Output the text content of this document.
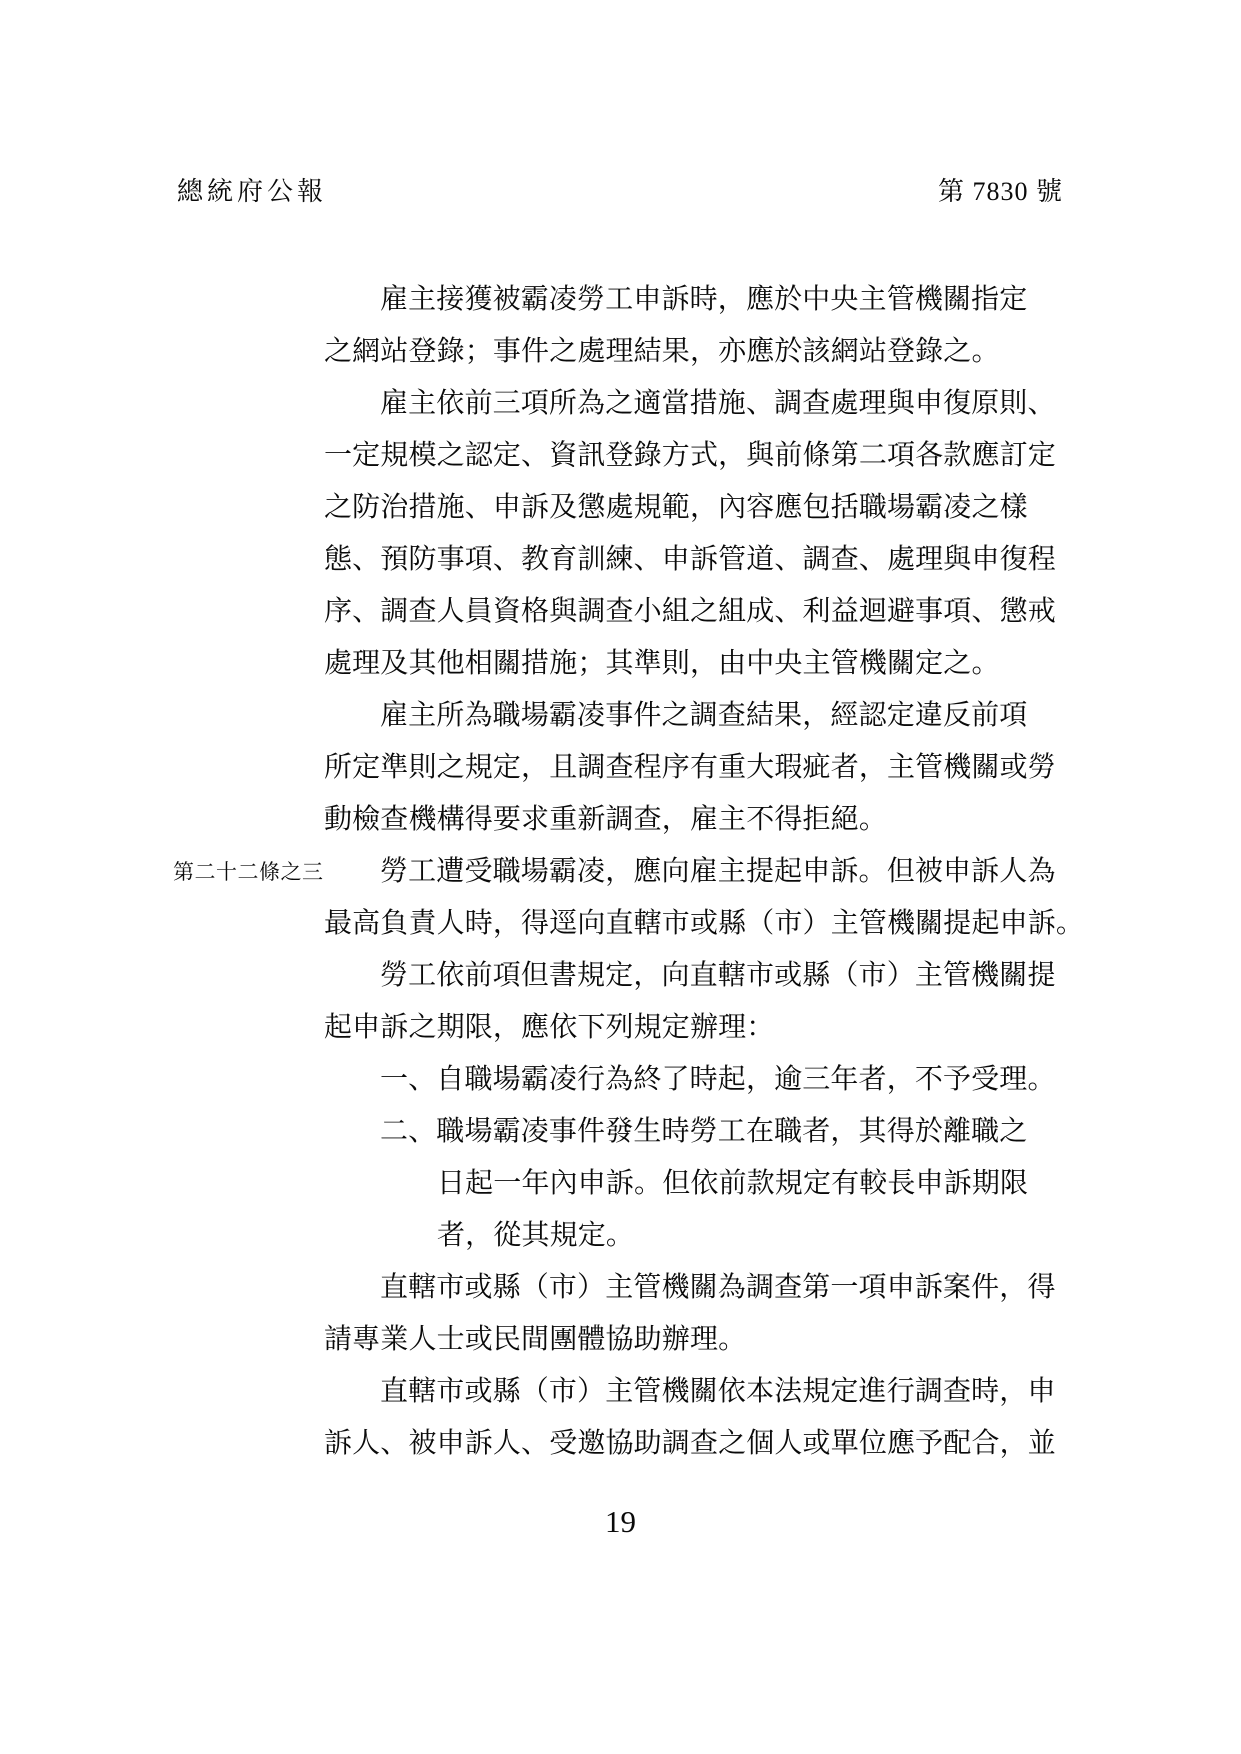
總統府公報	第 7830 號
雇主接獲被霸凌勞工申訴時，應於中央主管機關指定
之網站登錄；事件之處理結果，亦應於該網站登錄之。
雇主依前三項所為之適當措施、調查處理與申復原則、
一定規模之認定、資訊登錄方式，與前條第二項各款應訂定
之防治措施、申訴及懲處規範，內容應包括職場霸凌之樣
態、預防事項、教育訓練、申訴管道、調查、處理與申復程
序、調查人員資格與調查小組之組成、利益迴避事項、懲戒
處理及其他相關措施；其準則，由中央主管機關定之。
雇主所為職場霸凌事件之調查結果，經認定違反前項
所定準則之規定，且調查程序有重大瑕疵者，主管機關或勞
動檢查機構得要求重新調查，雇主不得拒絕。
第二十二條之三 勞工遭受職場霸凌，應向雇主提起申訴。但被申訴人為
最高負責人時，得逕向直轄市或縣（市）主管機關提起申訴。
勞工依前項但書規定，向直轄市或縣（市）主管機關提
起申訴之期限，應依下列規定辦理：
一、自職場霸凌行為終了時起，逾三年者，不予受理。
二、職場霸凌事件發生時勞工在職者，其得於離職之
日起一年內申訴。但依前款規定有較長申訴期限
者，從其規定。
直轄市或縣（市）主管機關為調查第一項申訴案件，得
請專業人士或民間團體協助辦理。
直轄市或縣（市）主管機關依本法規定進行調查時，申
訴人、被申訴人、受邀協助調查之個人或單位應予配合，並
19
